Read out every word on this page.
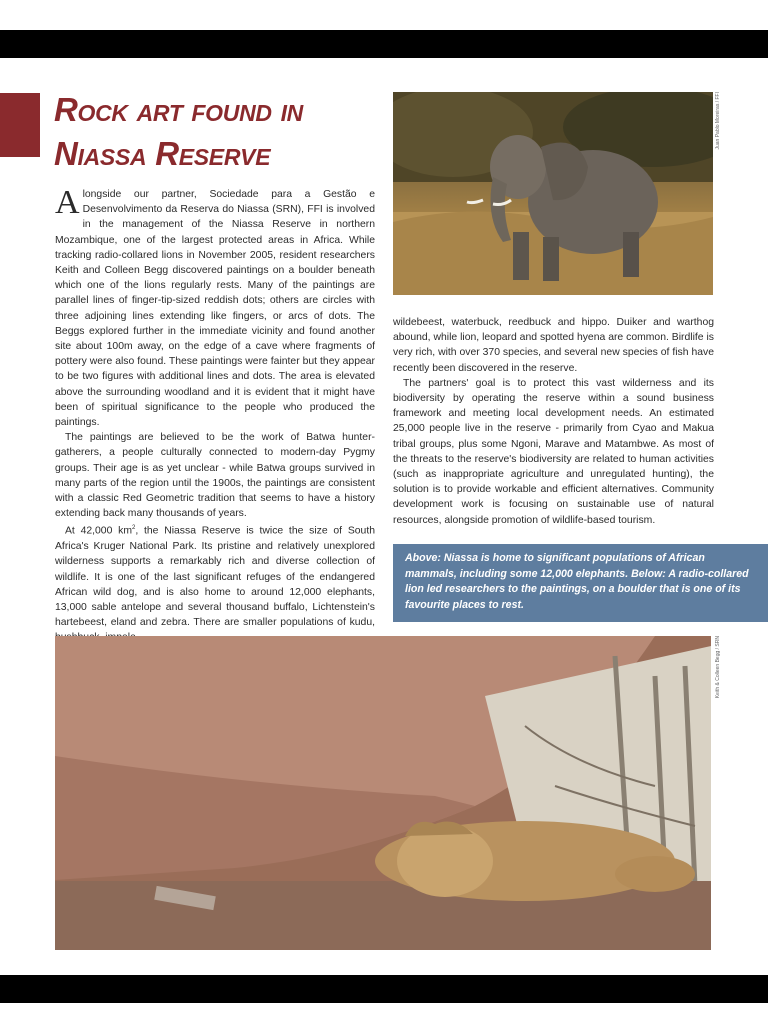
Rock art found in
Niassa Reserve

Alongside our partner, Sociedade para a Gestão e Desenvolvimento da Reserva do Niassa (SRN), FFI is involved in the management of the Niassa Reserve in northern Mozambique, one of the largest protected areas in Africa. While tracking radio-collared lions in November 2005, resident researchers Keith and Colleen Begg discovered paintings on a boulder beneath which one of the lions regularly rests. Many of the paintings are parallel lines of finger-tip-sized reddish dots; others are circles with three adjoining lines extending like fingers, or arcs of dots. The Beggs explored further in the immediate vicinity and found another site about 100m away, on the edge of a cave where fragments of pottery were also found. These paintings were fainter but they appear to be two figures with additional lines and dots. The area is elevated above the surrounding woodland and it is evident that it might have been of spiritual significance to the people who produced the paintings.

The paintings are believed to be the work of Batwa hunter-gatherers, a people culturally connected to modern-day Pygmy groups. Their age is as yet unclear - while Batwa groups survived in many parts of the region until the 1900s, the paintings are consistent with a classic Red Geometric tradition that seems to have a history extending back many thousands of years.

At 42,000 $km^2$, the Niassa Reserve is twice the size of South Africa's Kruger National Park. Its pristine and relatively unexplored wilderness supports a remarkably rich and diverse collection of wildlife. It is one of the last significant refuges of the endangered African wild dog, and is also home to around 12,000 elephants, 13,000 sable antelope and several thousand buffalo, Lichtenstein's hartebeest, eland and zebra. There are smaller populations of kudu,

Juan Pablo Moreiras / FFI

wildebeest, waterbuck, reedbuck and hippo. Duiker and warthog abound, while lion, leopard and spotted hyena are common. Birdlife is very rich, with over 370 species, and several new species of fish have recently been discovered in the reserve.

The partners' goal is to protect this vast wilderness and its biodiversity by operating the reserve within a sound business framework and meeting local development needs. An estimated 25,000 people live in the reserve - primarily from Cyao and Makua tribal groups, plus some Ngoni, Marave and Matambwe. As most of the threats to the reserve's biodiversity are related to human activities (such as inappropriate agriculture and unregulated hunting), the solution is to provide workable and efficient alternatives. Community development work is focusing on sustainable use of natural resources, alongside promotion of wildlife-based tourism.

Above: Niassa is home to significant populations of African mammals, including some 12,000 elephants. Below: A radio-collared lion led researchers to the paintings, on a boulder that is one of its favourite places to rest.
Keith & Colleen Begg / SRN
